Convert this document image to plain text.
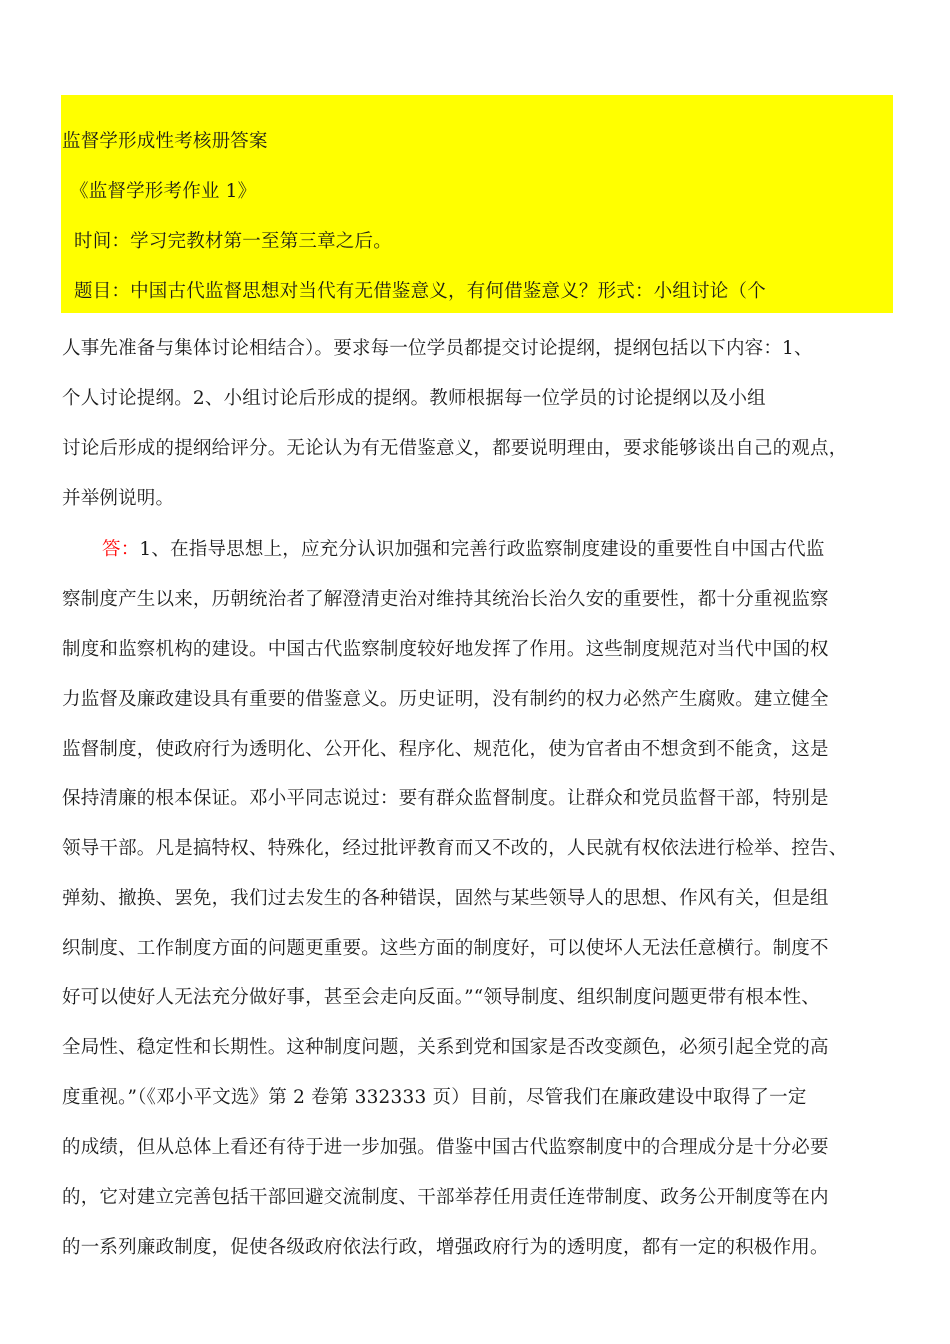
监督学形成性考核册答案
《监督学形考作业 1》
时间：学习完教材第一至第三章之后。
题目：中国古代监督思想对当代有无借鉴意义，有何借鉴意义？形式：小组讨论（个
人事先准备与集体讨论相结合）。要求每一位学员都提交讨论提纲，提纲包括以下内容：1、
个人讨论提纲。2、小组讨论后形成的提纲。教师根据每一位学员的讨论提纲以及小组
讨论后形成的提纲给评分。无论认为有无借鉴意义，都要说明理由，要求能够谈出自己的观点，
并举例说明。
答：1、在指导思想上，应充分认识加强和完善行政监察制度建设的重要性自中国古代监
察制度产生以来，历朝统治者了解澄清吏治对维持其统治长治久安的重要性，都十分重视监察
制度和监察机构的建设。中国古代监察制度较好地发挥了作用。这些制度规范对当代中国的权
力监督及廉政建设具有重要的借鉴意义。历史证明，没有制约的权力必然产生腐败。建立健全
监督制度，使政府行为透明化、公开化、程序化、规范化，使为官者由不想贪到不能贪，这是
保持清廉的根本保证。邓小平同志说过：要有群众监督制度。让群众和党员监督干部，特别是
领导干部。凡是搞特权、特殊化，经过批评教育而又不改的，人民就有权依法进行检举、控告、
弹劾、撤换、罢免，我们过去发生的各种错误，固然与某些领导人的思想、作风有关，但是组
织制度、工作制度方面的问题更重要。这些方面的制度好，可以使坏人无法任意横行。制度不
好可以使好人无法充分做好事，甚至会走向反面。”“领导制度、组织制度问题更带有根本性、
全局性、稳定性和长期性。这种制度问题，关系到党和国家是否改变颜色，必须引起全党的高
度重视。”（《邓小平文选》第 2 卷第 332333 页）目前，尽管我们在廉政建设中取得了一定
的成绩，但从总体上看还有待于进一步加强。借鉴中国古代监察制度中的合理成分是十分必要
的，它对建立完善包括干部回避交流制度、干部举荐任用责任连带制度、政务公开制度等在内
的一系列廉政制度，促使各级政府依法行政，增强政府行为的透明度，都有一定的积极作用。
